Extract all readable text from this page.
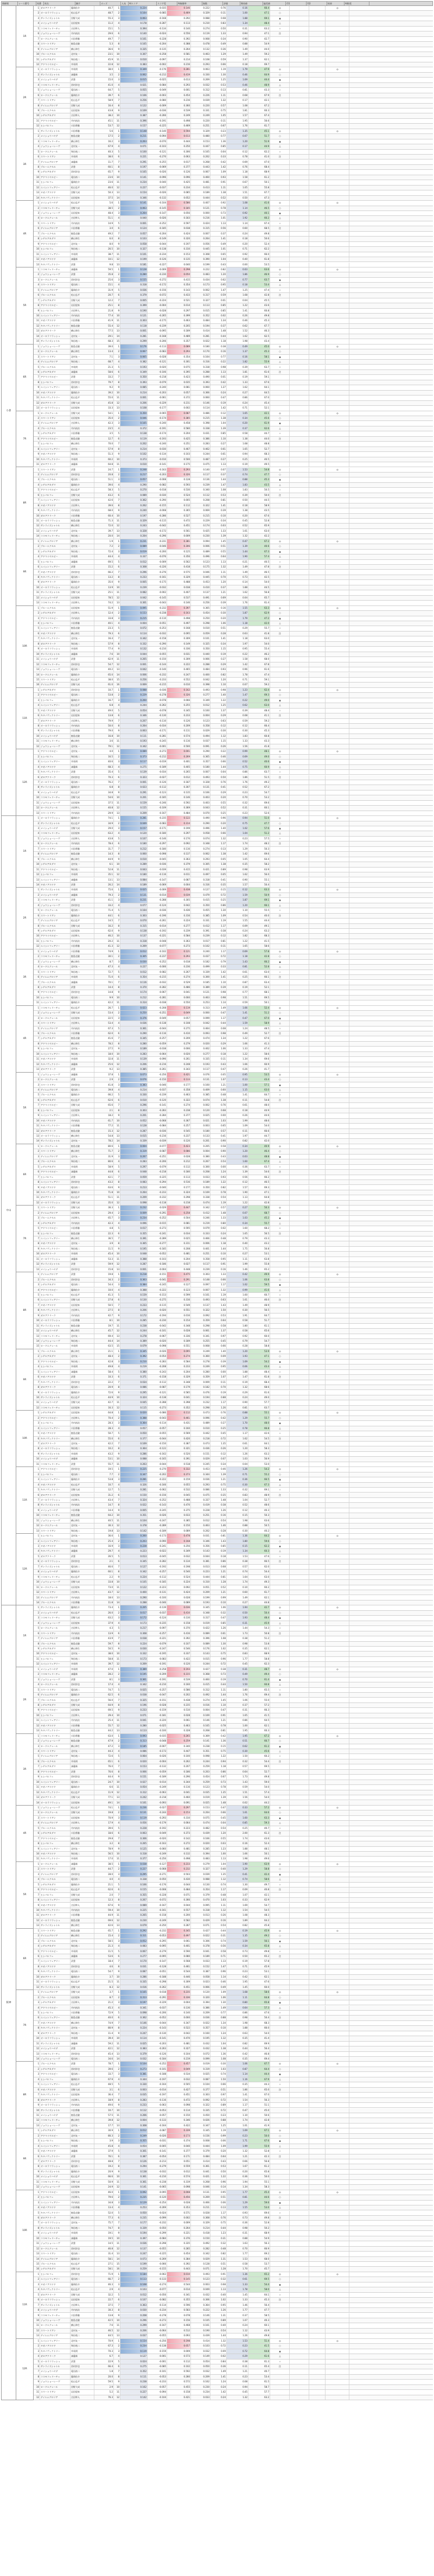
開催場	レース番号	馬番	馬名	騎手	オッズ	人気	AIスコア	スコア差	AI複勝率	指数	評価	期待値	偏差値	印1	印2	結果	AI推奨
1 ガロアクリーク	藤岡佑介	40.7	1	0.224	-0.035	0.146	0.222	0.76	0.16	66.4	◎	◎
2 オーロラフラッシュ	松山弘平	48.7	2	0.164	-0.085	0.469	0.329	0.11	1.00	47.1	○
3 サンライズシャトル	団野大成	55.3	3	0.063	-0.168	0.292	0.088	0.08	1.88	69.1	▲
4 メイショウハヤテ	岩田望来	11.2	4	0.178	-0.287	0.113	0.210	0.83	1.34	48.4	△
5 コスモフェリーチェ	吉田隼人	15.1	5	0.394	-0.134	0.140	0.274	0.50	0.31	63.2	☆
6 ジョウショーレーヴ	丹内祐次	29.6	6	0.140	-0.024	0.556	0.119	1.33	0.94	47.1	注
7 ロードエクレール	川田将雅	49.7	7	0.161	-0.228	0.392	0.068	0.34	0.90	42.7
8 スマートリアン	鮫島克駿	5.3	8	0.165	-0.204	0.388	0.478	0.49	0.88	54.9
9 テイエムグロリア	横山和生	36.6	9	0.335	-0.135	0.264	0.132	0.36	1.49	44.0
10 ブルーエクセル	北村友一	23.1	10	0.307	-0.258	0.581	0.463	1.29	1.49	59.2
11 シゲルアカダマ	和田竜二	45.9	11	0.010	-0.097	0.214	0.108	0.59	1.37	62.1
12 アドマイヤルビー	幸英明	22.8	12	0.383	-0.002	0.216	0.293	0.66	0.18	69.7
1R
1 オーロラフラッシュ	幸英明	38.0	1	0.349	-0.176	0.281	0.063	1.19	1.79	47.9	◎	◎
2 サンライズシャトル	斎藤新	3.5	2	0.062	-0.212	0.419	0.330	1.30	0.46	64.9	○
3 メイショウハヤテ	武豊	15.0	3	0.015	-0.025	0.013	0.269	1.25	1.69	44.4	▲
4 コスモフェリーチェ	西村淳也	41.0	4	0.021	-0.084	0.293	0.032	0.53	0.46	48.9	△
5 ジョウショーレーヴ	菱田裕二	64.7	5	0.055	-0.049	0.001	0.312	0.13	0.81	43.3	☆
6 ロードエクレール	藤岡佑介	39.7	6	0.166	-0.003	0.454	0.226	1.11	0.68	67.9	注
7 スマートリアン	松山弘平	58.9	7	0.256	-0.080	0.216	0.039	1.32	0.17	42.1
8 テイエムグロリア	団野大成	16.4	8	0.122	-0.009	0.360	0.220	0.57	1.08	67.2
9 ブルーエクセル	岩田望来	43.8	9	0.169	-0.036	0.539	0.331	0.75	1.81	60.3
10 シゲルアカダマ	吉田隼人	38.2	10	0.387	-0.266	0.249	0.249	1.05	1.57	67.4
11 アドマイヤルビー	丹内祐次	45.1	11	0.396	-0.191	0.498	0.220	0.11	1.95	56.6
12 ヒシパルフェ	川田将雅	53.7	12	0.157	-0.225	0.469	0.251	0.67	1.76	61.7
2R
1 サンライズシャトル	川田将雅	5.6	1	0.148	-0.140	0.594	0.329	0.23	1.35	45.1	◎	◎
2 メイショウハヤテ	鮫島克駿	17.5	2	0.211	-0.094	0.013	0.480	0.77	0.07	51.7	○
3 コスモフェリーチェ	横山和生	16.2	3	0.263	-0.070	0.444	0.153	1.36	1.20	51.9	▲
4 ジョウショーレーヴ	北村友一	67.9	4	0.071	-0.103	0.250	0.447	0.85	0.17	44.9	△
5 ロードエクレール	和田竜二	40.3	5	0.100	-0.121	0.306	0.165	0.04	0.12	62.2	☆
6 スマートリアン	幸英明	38.0	6	0.221	-0.270	0.063	0.202	0.33	0.78	41.0	注
7 テイエムグロリア	斎藤新	11.7	7	0.291	-0.255	0.017	0.268	0.42	0.69	47.0
8 ブルーエクセル	武豊	60.1	8	0.197	-0.069	0.377	0.443	1.42	0.76	68.4
9 シゲルアカダマ	西村淳也	65.7	9	0.165	-0.026	0.126	0.067	1.09	1.18	68.9
10 アドマイヤルビー	菱田裕二	23.6	10	0.141	-0.096	0.096	0.460	0.93	1.58	61.2
11 ヒシパルフェ	藤岡佑介	23.6	11	0.234	-0.040	0.425	0.481	0.91	0.67	50.1
12 エイシンフェアリー	松山弘平	46.0	12	0.227	-0.037	0.234	0.413	1.11	1.05	55.8
13 タガノアスワド	団野大成	50.3	13	0.154	-0.026	0.085	0.189	1.38	1.51	67.7
14 キタノヴィクトリー	岩田望来	37.5	14	0.346	-0.132	0.052	0.444	0.52	0.50	47.3
3R
1 メイショウハヤテ	松山弘平	5.6	1	0.141	-0.104	0.586	0.407	0.92	1.08	41.6	◎	◎
2 コスモフェリーチェ	団野大成	38.5	2	0.063	-0.145	0.185	0.121	0.78	1.14	46.5	○
3 ジョウショーレーヴ	岩田望来	48.4	3	0.264	-0.147	0.056	0.000	0.73	0.92	40.1	▲
4 ロードエクレール	吉田隼人	51.1	4	0.040	-0.026	0.183	0.216	1.01	1.92	66.2	△
5 スマートリアン	丹内祐次	14.9	5	0.001	-0.252	0.597	0.424	1.13	1.14	67.4	☆
6 テイエムグロリア	川田将雅	3.0	6	0.124	-0.185	0.038	0.315	0.56	0.60	68.5	注
7 ブルーエクセル	鮫島克駿	49.2	7	0.057	-0.204	0.424	0.007	0.37	0.24	49.8
8 シゲルアカダマ	横山和生	6.0	8	0.103	-0.149	0.320	0.264	1.41	0.18	50.6
9 アドマイヤルビー	北村友一	8.0	9	0.058	-0.044	0.197	0.056	0.49	0.20	52.4
10 ヒシパルフェ	和田竜二	26.5	10	0.327	-0.138	0.310	0.445	1.01	0.71	62.2
11 エイシンフェアリー	幸英明	38.7	11	0.101	-0.234	0.153	0.308	0.65	0.92	66.0
12 タガノアスワド	斎藤新	10.1	12	0.199	-0.126	0.135	0.390	1.04	0.40	61.8
13 キタノヴィクトリー	武豊	9.8	13	0.181	-0.227	0.040	0.199	0.43	0.00	53.5
4R
1 コスモフェリーチェ	斎藤新	59.5	1	0.128	-0.009	0.298	0.222	0.82	0.03	63.6	◎	◎
2 ジョウショーレーヴ	武豊	35.8	2	0.280	-0.230	0.050	0.483	1.20	1.86	46.9	○
3 ロードエクレール	西村淳也	25.6	3	0.155	-0.272	0.415	0.434	0.62	0.77	63.7	▲
4 スマートリアン	菱田裕二	15.1	4	0.318	-0.172	0.354	0.173	0.95	0.18	53.4	△
5 テイエムグロリア	藤岡佑介	31.9	5	0.036	-0.156	0.143	0.002	1.47	1.25	47.4	☆
6 ブルーエクセル	松山弘平	20.7	6	0.379	-0.072	0.433	0.317	0.59	1.68	42.8	注
7 シゲルアカダマ	団野大成	12.2	7	0.005	-0.224	0.521	0.327	0.01	0.04	45.5
8 アドマイヤルビー	岩田望来	25.1	8	0.399	-0.004	0.014	0.113	0.85	1.22	43.6
9 ヒシパルフェ	吉田隼人	21.8	9	0.190	-0.028	0.297	0.015	0.85	1.41	60.8
10 エイシンフェアリー	丹内祐次	77.4	10	0.121	-0.265	0.399	0.352	0.02	0.26	49.8
11 タガノアスワド	川田将雅	41.9	11	0.303	-0.175	0.463	0.484	1.34	0.46	45.3
12 キタノヴィクトリー	鮫島克駿	55.4	12	0.118	-0.239	0.205	0.194	0.37	0.62	67.7
13 ガロアクリーク	横山和生	77.5	13	0.001	-0.095	0.189	0.414	1.48	1.52	46.3
14 オーロラフラッシュ	北村友一	29.1	14	0.281	-0.168	0.489	0.281	0.44	1.62	62.5
15 サンライズシャトル	和田竜二	68.3	15	0.299	-0.206	0.357	0.022	1.18	1.98	43.4
5R
1 ジョウショーレーヴ	鮫島克駿	39.0	1	0.176	-0.113	0.089	0.180	0.38	0.49	45.0	◎	◎
2 ロードエクレール	横山和生	13.4	2	0.067	-0.083	0.293	0.170	0.16	1.37	45.3	○
3 スマートリアン	北村友一	7.1	3	0.065	-0.028	0.354	0.164	0.77	0.16	58.1	▲
4 テイエムグロリア	和田竜二	68.7	4	0.382	-0.121	0.301	0.316	0.22	1.82	55.9	△
5 ブルーエクセル	幸英明	21.3	5	0.193	-0.020	0.075	0.318	0.98	0.39	63.7	☆
6 シゲルアカダマ	斎藤新	58.6	6	0.349	-0.106	0.395	0.288	1.13	1.81	61.6	注
7 アドマイヤルビー	武豊	33.2	7	0.350	-0.218	0.423	0.490	0.01	0.19	59.1
8 ヒシパルフェ	西村淳也	79.7	8	0.393	-0.079	0.035	0.393	0.42	1.33	67.6
9 エイシンフェアリー	菱田裕二	9.2	9	0.085	-0.240	0.081	0.060	1.27	1.62	64.1
10 タガノアスワド	藤岡佑介	39.2	10	0.214	-0.203	0.057	0.366	0.24	0.27	64.5
11 キタノヴィクトリー	松山弘平	55.0	11	0.001	-0.061	0.372	0.060	0.47	0.86	67.0
12 ガロアクリーク	団野大成	45.8	12	0.206	-0.229	0.211	0.146	0.19	0.24	45.4
13 オーロラフラッシュ	岩田望来	33.3	13	0.108	-0.177	0.002	0.114	1.42	0.71	52.1
6R
1 ロードエクレール	団野大成	54.1	1	0.350	-0.065	0.087	0.486	0.12	1.65	42.1	◎	◎
2 スマートリアン	岩田望来	35.0	2	0.046	-0.174	0.385	0.215	1.38	0.34	45.6	○
3 テイエムグロリア	吉田隼人	42.3	3	0.165	-0.240	0.458	0.398	1.04	0.20	61.9	▲
4 ブルーエクセル	丹内祐次	23.5	4	0.372	-0.191	0.580	0.338	1.39	0.37	62.6	△
5 シゲルアカダマ	川田将雅	3.5	5	0.138	-0.174	0.204	0.431	0.85	0.58	44.7	☆
6 アドマイヤルビー	鮫島克駿	12.7	6	0.119	-0.193	0.425	0.386	1.10	1.38	44.0	注
7 ヒシパルフェ	横山和生	70.0	7	0.202	-0.240	0.251	0.283	0.27	1.68	48.8
8 エイシンフェアリー	北村友一	57.9	8	0.214	-0.030	0.467	0.462	0.61	1.65	52.7
9 タガノアスワド	和田竜二	51.3	9	0.102	-0.134	0.103	0.244	0.61	0.94	68.3
10 キタノヴィクトリー	幸英明	60.2	10	0.373	-0.010	0.500	0.487	0.27	0.25	40.5
11 ガロアクリーク	斎藤新	64.8	11	0.010	-0.141	0.175	0.475	1.13	0.19	49.5
7R
1 スマートリアン	武豊	24.7	1	0.248	-0.163	0.293	0.140	0.07	1.53	54.8	◎	◎
2 テイエムグロリア	西村淳也	20.8	2	0.217	-0.203	0.326	0.117	0.37	0.74	47.7	○
3 ブルーエクセル	菱田裕二	51.1	3	0.057	-0.008	0.128	0.136	1.44	0.88	45.3	▲
4 シゲルアカダマ	藤岡佑介	39.6	4	0.290	-0.082	0.593	0.239	1.47	1.83	43.5	△
5 アドマイヤルビー	松山弘平	58.3	5	0.270	-0.018	0.530	0.340	1.08	1.83	50.5	☆
6 ヒシパルフェ	団野大成	43.2	6	0.089	-0.030	0.524	0.112	0.53	0.39	50.0	注
7 エイシンフェアリー	岩田望来	42.6	7	0.362	-0.290	0.005	0.208	0.81	0.50	44.5
8 タガノアスワド	吉田隼人	39.6	8	0.262	-0.155	0.112	0.322	1.41	0.18	58.9
9 キタノヴィクトリー	丹内祐次	68.0	9	0.240	-0.008	0.365	0.069	0.39	1.38	43.5
10 ガロアクリーク	川田将雅	60.4	10	0.197	-0.286	0.527	0.215	0.10	0.20	67.6
11 オーロラフラッシュ	鮫島克駿	71.3	11	0.329	-0.115	0.472	0.229	0.34	0.45	52.8
12 サンライズシャトル	横山和生	72.0	12	0.243	-0.042	0.451	0.174	0.03	0.52	65.9
13 メイショウハヤテ	北村友一	39.7	13	0.328	-0.172	0.561	0.425	1.33	1.61	63.0
14 コスモフェリーチェ	和田竜二	20.0	14	0.204	-0.296	0.009	0.230	1.39	1.32	42.2
8R
1 テイエムグロリア	横山和生	1.9	1	0.231	-0.231	0.381	0.094	1.45	0.47	67.2	◎	◎
2 ブルーエクセル	北村友一	7.2	2	0.089	-0.046	0.306	0.006	0.51	1.39	40.6	○
3 シゲルアカダマ	和田竜二	72.4	3	0.019	-0.200	0.125	0.489	0.55	1.44	67.3	▲
4 アドマイヤルビー	幸英明	44.4	4	0.337	-0.076	0.356	0.496	0.64	1.90	57.4	△
5 ヒシパルフェ	斎藤新	69.5	5	0.012	-0.009	0.562	0.123	1.13	0.21	40.5	☆
6 エイシンフェアリー	武豊	15.2	6	0.308	-0.226	0.418	0.175	1.32	1.49	47.8	注
7 タガノアスワド	西村淳也	66.2	7	0.296	-0.276	0.575	0.046	1.11	1.49	46.5
8 キタノヴィクトリー	菱田裕二	13.2	8	0.233	-0.161	0.329	0.445	0.70	0.73	42.5
9 ガロアクリーク	藤岡佑介	35.0	9	0.005	-0.175	0.488	0.453	1.20	0.14	54.0
10 オーロラフラッシュ	松山弘平	13.9	10	0.239	-0.032	0.038	0.410	0.37	1.88	44.5
11 サンライズシャトル	団野大成	25.1	11	0.082	-0.002	0.407	0.137	1.21	1.62	56.8
12 メイショウハヤテ	岩田望来	78.5	12	0.042	-0.145	0.537	0.491	0.69	0.04	65.7
13 コスモフェリーチェ	吉田隼人	74.2	13	0.301	-0.043	0.146	0.256	0.39	1.76	61.4
9R
1 ブルーエクセル	岩田望来	51.9	1	0.095	-0.232	0.397	0.365	0.16	1.55	63.3	◎	◎
2 シゲルアカダマ	吉田隼人	12.4	2	0.153	-0.238	0.163	0.454	0.30	1.87	62.9	○
3 アドマイヤルビー	丹内祐次	33.8	3	0.215	-0.110	0.498	0.250	0.20	1.79	47.2	▲
4 ヒシパルフェ	川田将雅	40.1	4	0.004	-0.051	0.497	0.298	1.06	1.18	42.0	△
5 エイシンフェアリー	鮫島克駿	23.3	5	0.072	-0.253	0.168	0.010	0.51	0.29	55.7	☆
6 タガノアスワド	横山和生	79.3	6	0.114	-0.032	0.095	0.059	0.28	0.63	41.8	注
7 キタノヴィクトリー	北村友一	16.4	7	0.342	-0.158	0.309	0.101	1.41	1.18	63.0
8 ガロアクリーク	和田竜二	57.9	8	0.332	-0.290	0.149	0.325	0.34	1.97	54.0
9 オーロラフラッシュ	幸英明	77.4	9	0.132	-0.210	0.336	0.350	1.15	0.95	55.4
10 サンライズシャトル	斎藤新	7.6	10	0.044	-0.055	0.031	0.440	0.19	0.22	46.2
11 メイショウハヤテ	武豊	62.9	11	0.265	-0.150	0.309	0.066	0.27	1.58	68.0
12 コスモフェリーチェ	西村淳也	54.7	12	0.001	-0.144	0.222	0.288	0.29	1.42	67.8
13 ジョウショーレーヴ	菱田裕二	40.2	13	0.042	-0.140	0.465	0.484	0.93	0.96	61.6
14 ロードエクレール	藤岡佑介	65.0	14	0.006	-0.232	0.247	0.400	0.82	1.78	47.4
15 スマートリアン	松山弘平	38.0	15	0.256	-0.233	0.552	0.042	1.20	0.71	59.1
16 テイエムグロリア	団野大成	61.0	16	0.069	-0.215	0.010	0.398	1.10	0.07	59.2
10R
1 シゲルアカダマ	西村淳也	10.7	1	0.088	-0.036	0.162	0.493	0.98	1.23	62.4	◎	◎
2 アドマイヤルビー	菱田裕二	53.8	2	0.229	-0.278	0.326	0.277	1.40	1.47	69.3	○
3 ヒシパルフェ	藤岡佑介	16.7	3	0.260	-0.078	0.066	0.349	1.22	0.22	49.0	▲
4 エイシンフェアリー	松山弘平	6.8	4	0.244	-0.262	0.255	0.012	1.25	0.62	63.0	△
5 タガノアスワド	団野大成	49.0	5	0.054	-0.078	0.345	0.160	1.37	0.39	48.4	☆
6 キタノヴィクトリー	岩田望来	13.8	6	0.346	-0.130	0.233	0.004	0.29	0.08	41.1	注
7 ガロアクリーク	吉田隼人	79.9	7	0.207	-0.110	0.126	0.123	0.63	0.59	59.2
8 オーロラフラッシュ	丹内祐次	50.0	8	0.264	-0.034	0.209	0.358	0.12	0.12	66.4
9 サンライズシャトル	川田将雅	79.0	9	0.063	-0.171	0.111	0.029	0.30	0.30	45.3
10 メイショウハヤテ	鮫島克駿	16.8	10	0.111	-0.281	0.574	0.494	1.12	1.83	60.8
11 コスモフェリーチェ	横山和生	3.6	11	0.193	-0.245	0.116	0.037	1.15	1.33	43.3
12 ジョウショーレーヴ	北村友一	79.1	12	0.342	-0.001	0.500	0.091	0.26	1.56	41.8
11R
1 アドマイヤルビー	北村友一	4.0	1	0.089	-0.273	0.001	0.290	0.22	0.99	48.1	◎	◎
2 ヒシパルフェ	和田竜二	16.5	2	0.373	-0.212	0.269	0.365	0.46	0.69	49.0	○
3 エイシンフェアリー	幸英明	40.6	3	0.117	-0.019	0.401	0.357	0.66	0.52	40.6	▲
4 タガノアスワド	斎藤新	68.3	4	0.275	-0.189	0.405	0.180	1.44	0.75	60.9	△
5 キタノヴィクトリー	武豊	35.4	5	0.139	-0.034	0.265	0.007	0.04	0.86	63.7	☆
6 ガロアクリーク	西村淳也	70.3	6	0.323	-0.027	0.012	0.493	0.50	1.86	51.5	注
7 オーロラフラッシュ	菱田裕二	76.2	7	0.001	-0.126	0.187	0.328	0.76	1.76	49.2
8 サンライズシャトル	藤岡佑介	6.8	8	0.023	-0.112	0.307	0.131	0.41	0.52	67.2
9 メイショウハヤテ	松山弘平	34.8	9	0.291	-0.123	0.135	0.166	0.29	0.23	54.7
10 コスモフェリーチェ	団野大成	54.6	10	0.201	-0.185	0.146	0.403	0.20	0.70	53.2
11 ジョウショーレーヴ	岩田望来	37.5	11	0.159	-0.246	0.592	0.403	0.55	0.32	69.6
12 ロードエクレール	吉田隼人	40.8	12	0.155	-0.109	0.369	0.043	0.52	0.31	60.1
13 スマートリアン	丹内祐次	29.9	13	0.209	-0.167	0.484	0.070	0.25	0.23	52.6
12R
小倉
1 オーロラフラッシュ	藤岡佑介	74.1	1	0.281	-0.235	0.122	0.490	0.96	0.94	51.0	◎	◎
2 サンライズシャトル	松山弘平	34.9	2	0.049	-0.083	0.314	0.290	0.20	0.75	47.7	○
3 メイショウハヤテ	団野大成	29.0	3	0.157	-0.171	0.199	0.496	1.40	1.02	57.6	▲
4 コスモフェリーチェ	岩田望来	63.2	4	0.120	-0.180	0.297	0.058	0.66	1.04	51.2	△
5 ジョウショーレーヴ	吉田隼人	43.8	5	0.107	-0.146	0.170	0.074	1.32	0.23	57.5	☆
6 ロードエクレール	丹内祐次	78.4	6	0.180	-0.297	0.092	0.348	1.17	1.74	48.2	注
7 スマートリアン	川田将雅	31.7	7	0.212	-0.180	0.116	0.274	0.13	1.29	50.3
8 テイエムグロリア	鮫島克駿	14.3	8	0.060	-0.098	0.137	0.062	1.38	1.42	69.6
9 ブルーエクセル	横山和生	44.9	9	0.010	-0.045	0.363	0.293	0.05	1.05	64.4
10 シゲルアカダマ	北村友一	6.1	10	0.289	-0.036	0.379	0.305	1.38	0.35	58.2
11 アドマイヤルビー	和田竜二	52.8	11	0.043	-0.039	0.415	0.421	0.89	0.98	63.9
12 ヒシパルフェ	幸英明	35.1	12	0.180	-0.116	0.011	0.497	0.05	1.62	56.0
13 エイシンフェアリー	斎藤新	13.1	13	0.084	-0.147	0.087	0.318	0.41	0.90	55.1
14 タガノアスワド	武豊	26.2	14	0.189	-0.069	0.004	0.316	0.35	1.57	50.4
1R
1 サンライズシャトル	幸英明	75.6	1	0.025	-0.009	0.438	0.127	0.15	0.12	63.3	◎	◎
2 メイショウハヤテ	斎藤新	79.3	2	0.131	-0.014	0.039	0.479	0.72	1.59	50.9	○
3 コスモフェリーチェ	武豊	41.1	3	0.231	-0.288	0.305	0.415	0.25	1.87	69.1	▲
4 ジョウショーレーヴ	西村淳也	33.2	4	0.077	-0.124	0.042	0.350	0.86	1.20	66.1	△
5 ロードエクレール	菱田裕二	71.4	5	0.164	-0.036	0.436	0.455	1.30	1.10	55.5	☆
6 スマートリアン	藤岡佑介	44.1	6	0.303	-0.196	0.316	0.385	1.09	0.54	40.0	注
7 テイエムグロリア	松山弘平	14.5	7	0.070	-0.261	0.224	0.331	1.19	1.55	44.4
8 ブルーエクセル	団野大成	16.2	8	0.315	-0.014	0.277	0.412	1.17	0.09	49.1
9 シゲルアカダマ	岩田望来	62.0	9	0.138	-0.192	0.239	0.391	0.38	0.24	63.2
10 アドマイヤルビー	吉田隼人	46.2	10	0.137	-0.221	0.584	0.239	0.12	1.82	68.3
11 ヒシパルフェ	丹内祐次	20.2	11	0.318	-0.048	0.363	0.017	0.81	1.22	41.5
12 エイシンフェアリー	川田将雅	41.3	12	0.269	-0.077	0.273	0.102	0.11	1.65	58.6
2R
1 メイショウハヤテ	川田将雅	74.9	1	0.012	-0.102	0.121	0.240	1.17	0.69	57.8	◎	◎
2 コスモフェリーチェ	鮫島克駿	30.1	2	0.305	-0.237	0.293	0.437	0.72	1.18	42.8	○
3 ジョウショーレーヴ	横山和生	8.7	3	0.030	-0.252	0.018	0.182	0.79	1.43	66.2	▲
4 ロードエクレール	北村友一	47.3	4	0.227	-0.006	0.236	0.499	0.33	0.81	52.8	△
5 スマートリアン	和田竜二	72.7	5	0.012	-0.082	0.267	0.339	1.42	0.61	63.0	☆
6 テイエムグロリア	幸英明	71.0	6	0.354	-0.215	0.274	0.300	1.41	0.25	66.1	注
7 ブルーエクセル	斎藤新	70.1	7	0.116	-0.032	0.529	0.185	1.10	0.87	63.4
8 シゲルアカダマ	武豊	14.4	8	0.370	-0.282	0.486	0.389	0.39	0.19	52.1
9 アドマイヤルビー	西村淳也	14.8	9	0.174	-0.067	0.041	0.121	0.98	0.77	68.1
10 ヒシパルフェ	菱田裕二	9.9	10	0.212	-0.281	0.000	0.463	0.98	1.51	69.5
11 エイシンフェアリー	藤岡佑介	42.2	11	0.314	-0.038	0.550	0.253	1.14	0.59	50.1
3R
1 コスモフェリーチェ	松山弘平	26.7	1	0.023	-0.208	0.119	0.313	1.49	1.66	52.4	◎	◎
2 ジョウショーレーヴ	団野大成	53.4	2	0.250	-0.251	0.049	0.000	0.47	1.41	51.2	○
3 ロードエクレール	岩田望来	22.5	3	0.376	-0.049	0.057	0.099	1.17	0.47	67.0	▲
4 スマートリアン	吉田隼人	53.4	4	0.036	-0.138	0.108	0.042	0.44	1.59	58.9	△
5 テイエムグロリア	丹内祐次	67.3	5	0.361	-0.044	0.275	0.464	0.08	1.24	48.5	☆
6 ブルーエクセル	川田将雅	62.0	6	0.290	-0.116	0.410	0.093	0.98	0.49	52.7	注
7 シゲルアカダマ	鮫島克駿	41.6	7	0.345	-0.257	0.209	0.474	1.34	1.22	67.6
8 アドマイヤルビー	横山和生	78.2	8	0.280	-0.059	0.279	0.020	0.29	1.66	41.3
9 ヒシパルフェ	北村友一	27.5	9	0.189	-0.038	0.006	0.402	1.06	1.33	47.4
10 エイシンフェアリー	和田竜二	18.0	10	0.283	-0.064	0.020	0.277	0.18	1.22	58.6
11 タガノアスワド	幸英明	32.8	11	0.139	-0.096	0.261	0.335	0.11	1.34	69.6
12 キタノヴィクトリー	斎藤新	25.6	12	0.206	-0.216	0.248	0.193	0.43	1.66	60.9
13 ガロアクリーク	武豊	9.2	13	0.385	-0.261	0.343	0.117	0.47	0.26	41.7
4R
1 ジョウショーレーヴ	斎藤新	37.8	1	0.073	-0.256	0.421	0.076	0.05	0.95	53.5	◎	◎
2 ロードエクレール	武豊	2.9	2	0.076	-0.150	0.133	0.131	1.07	0.13	43.4	○
3 スマートリアン	西村淳也	41.8	3	0.383	-0.046	0.177	0.160	1.21	1.00	57.1	▲
4 テイエムグロリア	菱田裕二	39.8	4	0.214	-0.037	0.358	0.409	0.60	1.15	63.0	△
5 ブルーエクセル	藤岡佑介	66.2	5	0.330	-0.239	0.463	0.385	0.48	1.41	64.7	☆
6 シゲルアカダマ	松山弘平	62.6	6	0.010	-0.120	0.322	0.074	1.38	0.11	54.8	注
7 アドマイヤルビー	団野大成	65.6	7	0.296	-0.141	0.274	0.002	0.76	0.61	48.0
8 ヒシパルフェ	岩田望来	2.1	8	0.303	-0.283	0.238	0.120	0.68	0.18	44.9
9 エイシンフェアリー	吉田隼人	18.2	9	0.201	-0.284	0.377	0.025	0.00	0.26	44.6
10 タガノアスワド	丹内祐次	61.7	10	0.052	-0.068	0.367	0.021	1.03	1.99	48.6
11 キタノヴィクトリー	川田将雅	77.2	11	0.128	-0.084	0.257	0.003	0.65	1.09	54.0
12 ガロアクリーク	鮫島克駿	15.3	12	0.287	-0.036	0.545	0.180	0.57	0.11	66.6
13 オーロラフラッシュ	横山和生	54.8	13	0.015	-0.216	0.237	0.133	0.41	1.97	44.7
14 サンライズシャトル	北村友一	78.2	14	0.339	-0.039	0.120	0.201	0.90	0.82	42.0
5R
1 ロードエクレール	鮫島克駿	80.6	1	0.004	-0.077	0.423	0.205	0.58	0.34	40.9	◎	◎
2 スマートリアン	横山和生	71.7	2	0.319	-0.087	0.086	0.004	0.90	1.20	46.4	○
3 テイエムグロリア	北村友一	31.9	3	0.267	-0.251	0.028	0.380	0.43	0.03	48.8	▲
4 ブルーエクセル	和田竜二	80.6	4	0.283	-0.206	0.212	0.267	0.54	1.60	67.4	△
5 シゲルアカダマ	幸英明	58.9	5	0.297	-0.079	0.112	0.300	0.00	0.36	63.7	☆
6 アドマイヤルビー	斎藤新	44.8	6	0.048	-0.218	0.180	0.208	1.24	1.39	54.6	注
7 ヒシパルフェ	武豊	42.1	7	0.059	-0.225	0.113	0.033	0.93	0.56	66.2
8 エイシンフェアリー	西村淳也	43.2	8	0.083	-0.294	0.516	0.189	1.22	0.12	46.5
9 タガノアスワド	菱田裕二	63.6	9	0.213	-0.040	0.177	0.350	0.82	1.57	69.3
10 キタノヴィクトリー	藤岡佑介	71.8	10	0.264	-0.233	0.324	0.169	0.78	1.90	47.1
11 ガロアクリーク	松山弘平	51.1	11	0.209	-0.232	0.298	0.338	0.54	1.13	64.8
12 オーロラフラッシュ	団野大成	35.0	12	0.098	-0.118	0.218	0.474	1.19	1.22	42.8
6R
1 スマートリアン	団野大成	36.3	1	0.232	-0.029	0.447	0.342	0.57	0.27	50.3	◎	◎
2 テイエムグロリア	岩田望来	29.4	2	0.009	-0.291	0.258	0.412	1.48	0.07	68.7	○
3 ブルーエクセル	吉田隼人	65.7	3	0.234	-0.252	0.504	0.246	1.33	1.03	45.2	▲
4 シゲルアカダマ	丹内祐次	42.3	4	0.096	-0.015	0.081	0.219	0.80	0.34	55.7	△
5 アドマイヤルビー	川田将雅	4.8	5	0.017	-0.273	0.595	0.079	0.02	1.60	68.2	☆
6 ヒシパルフェ	鮫島克駿	22.3	6	0.355	-0.241	0.034	0.333	0.24	1.65	56.5	注
7 エイシンフェアリー	横山和生	36.5	7	0.391	-0.289	0.025	0.466	0.48	0.79	43.3
8 タガノアスワド	北村友一	3.9	8	0.365	-0.277	0.311	0.006	1.18	0.40	43.2
9 キタノヴィクトリー	和田竜二	11.5	9	0.195	-0.185	0.208	0.401	1.44	1.75	56.8
10 ガロアクリーク	幸英明	45.4	10	0.048	-0.052	0.481	0.251	0.10	0.27	53.1
11 オーロラフラッシュ	斎藤新	53.3	11	0.388	-0.103	0.204	0.358	0.95	1.11	63.8
12 サンライズシャトル	武豊	59.9	12	0.287	-0.186	0.027	0.117	0.91	1.99	55.8
13 メイショウハヤテ	西村淳也	15.8	13	0.001	-0.004	0.448	0.239	0.16	1.46	65.2
7R
1 テイエムグロリア	武豊	19.8	1	0.218	-0.151	0.475	0.303	1.33	0.42	49.9	◎	◎
2 ブルーエクセル	西村淳也	34.3	2	0.363	-0.041	0.291	0.148	0.66	1.06	63.8	○
3 シゲルアカダマ	菱田裕二	54.4	3	0.384	-0.245	0.127	0.097	1.17	1.02	59.5	▲
4 アドマイヤルビー	藤岡佑介	10.0	4	0.388	-0.222	0.123	0.007	1.32	0.99	41.6	△
5 ヒシパルフェ	松山弘平	41.3	5	0.159	-0.153	0.599	0.161	1.19	1.60	60.7	☆
6 エイシンフェアリー	団野大成	27.8	6	0.130	-0.275	0.316	0.493	0.63	1.61	46.0	注
7 タガノアスワド	岩田望来	50.5	7	0.233	-0.115	0.549	0.137	1.43	1.49	48.9
8 キタノヴィクトリー	吉田隼人	27.5	8	0.206	-0.020	0.551	0.322	1.50	0.30	56.5
9 ガロアクリーク	丹内祐次	42.7	9	0.172	-0.194	0.016	0.092	0.53	1.91	64.7
10 オーロラフラッシュ	川田将雅	8.1	10	0.285	-0.230	0.154	0.359	0.64	0.58	51.7
11 サンライズシャトル	鮫島克駿	19.7	11	0.238	-0.042	0.348	0.298	0.58	1.80	61.1
12 メイショウハヤテ	横山和生	45.7	12	0.244	-0.101	0.028	0.061	1.37	0.58	65.6
13 コスモフェリーチェ	北村友一	69.4	13	0.278	-0.067	0.336	0.341	0.97	0.92	60.0
14 ジョウショーレーヴ	和田竜二	44.4	14	0.389	-0.020	0.189	0.255	0.45	0.79	54.7
15 ロードエクレール	幸英明	63.5	15	0.079	-0.098	0.551	0.068	0.66	0.28	58.8
8R
1 ブルーエクセル	横山和生	21.1	1	0.345	-0.026	0.095	0.249	1.40	1.20	53.9	◎	◎
2 シゲルアカダマ	北村友一	48.4	2	0.392	-0.054	0.274	0.360	0.09	1.93	47.1	○
3 アドマイヤルビー	和田竜二	42.8	3	0.210	-0.283	0.584	0.278	0.39	1.69	54.2	▲
4 ヒシパルフェ	幸英明	49.8	4	0.219	-0.208	0.233	0.249	0.95	0.06	43.4	△
5 エイシンフェアリー	斎藤新	58.4	5	0.380	-0.243	0.204	0.280	0.00	1.88	48.4	☆
6 タガノアスワド	武豊	10.3	6	0.371	-0.158	0.329	0.359	1.07	1.47	61.8	注
7 キタノヴィクトリー	西村淳也	22.2	7	0.034	-0.112	0.348	0.009	0.11	0.19	68.4
8 ガロアクリーク	菱田裕二	20.9	8	0.086	-0.087	0.179	0.182	0.70	1.32	68.6
9 オーロラフラッシュ	藤岡佑介	72.6	9	0.295	-0.121	0.585	0.476	0.19	0.29	61.6
10 サンライズシャトル	松山弘平	44.9	10	0.324	-0.138	0.041	0.194	0.88	0.24	49.0
11 メイショウハヤテ	団野大成	42.7	11	0.045	-0.288	0.398	0.232	1.17	0.90	57.7
12 コスモフェリーチェ	岩田望来	16.3	12	0.115	-0.273	0.352	0.298	1.26	0.81	63.7
9R
1 シゲルアカダマ	岩田望来	64.8	1	0.020	-0.086	0.112	0.473	0.76	0.88	55.1	◎	◎
2 アドマイヤルビー	吉田隼人	70.4	2	0.388	-0.043	0.461	0.096	0.42	1.29	55.7	○
3 ヒシパルフェ	丹内祐次	28.3	3	0.364	-0.114	0.431	0.489	0.27	1.70	48.0	▲
4 エイシンフェアリー	川田将雅	28.3	4	0.057	-0.057	0.160	0.010	0.25	0.78	66.8	△
5 タガノアスワド	鮫島克駿	50.7	5	0.050	-0.055	0.569	0.442	0.45	1.17	42.6	☆
6 キタノヴィクトリー	横山和生	55.0	6	0.377	-0.044	0.420	0.218	0.72	1.62	54.5	注
7 ガロアクリーク	北村友一	42.2	7	0.169	-0.150	0.387	0.473	1.35	0.61	64.1
8 オーロラフラッシュ	和田竜二	10.2	8	0.364	-0.122	0.321	0.436	0.26	1.20	58.3
9 サンライズシャトル	幸英明	43.2	9	0.286	-0.162	0.520	0.151	0.12	1.26	63.2
10 メイショウハヤテ	斎藤新	53.1	10	0.088	-0.165	0.391	0.029	0.07	1.03	56.9
11 コスモフェリーチェ	武豊	55.7	11	0.263	-0.044	0.518	0.245	0.34	0.04	53.0
10R
1 アドマイヤルビー	西村淳也	19.5	1	0.225	-0.270	0.332	0.453	0.46	1.26	54.2	◎	◎
2 ヒシパルフェ	菱田裕二	7.7	2	0.347	-0.202	0.373	0.344	1.39	0.71	55.2	○
3 エイシンフェアリー	藤岡佑介	53.8	3	0.281	-0.222	0.159	0.036	1.21	0.36	66.5	▲
4 タガノアスワド	松山弘平	10.7	4	0.326	-0.166	0.055	0.293	0.75	0.30	67.3	△
5 キタノヴィクトリー	団野大成	12.7	5	0.281	-0.062	0.532	0.086	1.33	0.32	69.1	☆
6 ガロアクリーク	岩田望来	31.2	6	0.150	-0.156	0.045	0.475	0.35	0.83	48.9	注
7 オーロラフラッシュ	吉田隼人	43.4	7	0.324	-0.252	0.488	0.337	1.48	1.04	52.7
8 サンライズシャトル	丹内祐次	14.7	8	0.022	-0.143	0.470	0.419	0.38	0.52	48.6
9 メイショウハヤテ	川田将雅	14.4	9	0.005	-0.245	0.375	0.228	1.26	0.12	40.3
10 コスモフェリーチェ	鮫島克駿	64.2	10	0.351	-0.026	0.033	0.251	0.16	0.15	50.3
11 ジョウショーレーヴ	横山和生	40.5	11	0.104	-0.247	0.385	0.012	0.54	1.98	63.6
12 ロードエクレール	北村友一	30.3	12	0.378	-0.289	0.150	0.463	1.46	0.88	50.5
13 スマートリアン	和田竜二	19.8	13	0.142	-0.189	0.089	0.202	0.28	0.30	40.2
11R
1 ヒシパルフェ	北村友一	36.6	1	0.260	-0.173	0.478	0.031	0.81	1.36	64.2	◎	◎
2 エイシンフェアリー	和田竜二	25.4	2	0.203	-0.090	0.168	0.346	1.43	1.80	59.6	○
3 タガノアスワド	幸英明	16.9	3	0.228	-0.241	0.256	0.356	0.85	0.15	62.2	▲
4 キタノヴィクトリー	斎藤新	29.7	4	0.223	-0.022	0.349	0.143	0.19	1.34	60.3	△
5 ガロアクリーク	武豊	26.5	5	0.013	-0.045	0.032	0.044	0.18	1.53	47.6	☆
6 オーロラフラッシュ	西村淳也	2.1	6	0.345	-0.282	0.134	0.381	0.86	0.38	66.5	注
7 サンライズシャトル	菱田裕二	46.6	7	0.127	-0.192	0.198	0.013	0.68	0.57	62.0
8 メイショウハヤテ	藤岡佑介	60.1	8	0.342	-0.257	0.540	0.223	1.21	0.74	54.4
9 コスモフェリーチェ	松山弘平	2.2	9	0.224	-0.112	0.524	0.444	0.81	1.64	63.0
10 ジョウショーレーヴ	団野大成	33.8	10	0.105	-0.185	0.224	0.310	1.28	1.74	49.3
11 ロードエクレール	岩田望来	73.0	11	0.122	-0.223	0.092	0.051	0.52	0.10	60.2
12 スマートリアン	吉田隼人	43.7	12	0.400	-0.131	0.424	0.209	1.21	0.60	61.7
13 テイエムグロリア	丹内祐次	18.0	13	0.290	-0.100	0.028	0.199	0.99	1.49	62.1
14 ブルーエクセル	川田将雅	11.8	14	0.288	-0.046	0.089	0.193	0.10	0.27	44.8
12R
中山
1 サンライズシャトル	藤岡佑介	73.4	1	0.205	-0.139	0.036	0.345	1.06	1.94	42.7	◎	◎
2 メイショウハヤテ	松山弘平	26.0	2	0.017	-0.037	0.410	0.348	0.32	0.50	50.4	○
3 コスモフェリーチェ	団野大成	63.2	3	0.172	-0.124	0.130	0.317	0.47	1.93	48.4	▲
4 ジョウショーレーヴ	岩田望来	37.9	4	0.173	-0.235	0.158	0.019	0.85	0.31	45.9	△
5 ロードエクレール	吉田隼人	4.3	5	0.217	-0.097	0.370	0.422	1.26	1.44	54.3	☆
6 スマートリアン	丹内祐次	13.9	6	0.308	-0.257	0.416	0.089	0.61	1.73	50.8	注
7 テイエムグロリア	川田将雅	43.9	7	0.038	-0.221	0.392	0.396	1.08	0.38	51.2
8 ブルーエクセル	鮫島克駿	59.7	8	0.224	-0.079	0.107	0.089	1.30	0.98	53.8
9 シゲルアカダマ	横山和生	50.5	9	0.030	-0.247	0.546	0.176	1.02	0.35	62.1
10 アドマイヤルビー	北村友一	38.0	10	0.332	-0.195	0.337	0.143	0.75	0.83	68.9
11 ヒシパルフェ	和田竜二	58.8	11	0.173	-0.083	0.422	0.015	0.96	1.77	58.8
12 エイシンフェアリー	幸英明	39.7	12	0.269	-0.191	0.120	0.244	0.72	0.45	62.3
1R
1 メイショウハヤテ	幸英明	47.0	1	0.389	-0.258	0.193	0.427	0.38	0.31	48.7	◎	◎
2 コスモフェリーチェ	斎藤新	28.2	2	0.195	-0.209	0.315	0.368	0.73	0.49	49.4	○
3 ジョウショーレーヴ	武豊	8.1	3	0.361	-0.191	0.539	0.460	0.19	0.70	61.4	▲
4 ロードエクレール	西村淳也	17.4	4	0.342	-0.210	0.160	0.415	0.44	1.50	60.8	△
5 スマートリアン	菱田裕二	74.7	5	0.025	-0.257	0.586	0.312	1.11	1.80	65.5	☆
6 テイエムグロリア	藤岡佑介	62.5	6	0.038	-0.047	0.202	0.492	1.44	1.76	69.4	注
7 ブルーエクセル	松山弘平	56.0	7	0.325	-0.151	0.438	0.274	1.45	1.06	55.0
8 シゲルアカダマ	団野大成	64.9	8	0.196	-0.028	0.235	0.016	1.10	0.37	57.2
9 アドマイヤルビー	岩田望来	69.5	9	0.233	-0.159	0.510	0.004	0.47	0.31	66.3
10 ヒシパルフェ	吉田隼人	29.4	10	0.071	-0.181	0.028	0.169	0.91	1.65	41.5
11 エイシンフェアリー	丹内祐次	25.4	11	0.041	-0.220	0.061	0.146	1.21	0.86	64.5
12 タガノアスワド	川田将雅	55.7	12	0.280	-0.025	0.463	0.165	0.78	1.00	62.1
13 キタノヴィクトリー	鮫島克駿	44.2	13	0.113	-0.100	0.328	0.268	0.81	1.95	60.3
2R
1 コスモフェリーチェ	川田将雅	63.0	1	0.093	-0.035	0.265	0.369	0.42	1.95	67.2	◎	◎
2 ジョウショーレーヴ	鮫島克駿	47.9	2	0.313	-0.048	0.259	0.141	1.36	0.51	66.7	○
3 ロードエクレール	横山和生	47.2	3	0.185	-0.007	0.340	0.238	0.15	0.62	61.2	▲
4 スマートリアン	北村友一	44.3	4	0.086	-0.173	0.447	0.351	0.75	0.30	45.6	△
5 テイエムグロリア	和田竜二	72.6	5	0.064	-0.026	0.100	0.098	1.22	1.50	60.2	☆
6 ブルーエクセル	幸英明	65.1	6	0.020	-0.004	0.262	0.244	0.94	0.32	54.4	注
7 シゲルアカダマ	斎藤新	76.0	7	0.153	-0.132	0.207	0.259	1.18	0.57	69.5
8 アドマイヤルビー	武豊	76.6	8	0.066	-0.059	0.186	0.203	0.86	0.64	52.7
9 ヒシパルフェ	西村淳也	44.4	9	0.151	-0.189	0.296	0.454	0.67	1.73	49.8
10 エイシンフェアリー	菱田裕二	24.7	10	0.027	-0.014	0.344	0.259	0.73	1.43	59.0
11 タガノアスワド	藤岡佑介	6.6	11	0.054	-0.249	0.116	0.123	0.78	0.59	54.0
12 キタノヴィクトリー	松山弘平	11.9	12	0.312	-0.063	0.041	0.035	1.35	1.51	57.4
13 ガロアクリーク	団野大成	77.1	13	0.242	-0.218	0.460	0.019	1.39	1.56	54.0
14 オーロラフラッシュ	岩田望来	49.1	14	0.161	-0.093	0.091	0.025	1.48	0.02	44.2
3R
1 ジョウショーレーヴ	松山弘平	74.1	1	0.236	-0.027	0.297	0.153	0.47	0.33	57.2	◎	◎
2 ロードエクレール	団野大成	19.8	2	0.131	-0.244	0.153	0.204	0.66	1.61	64.6	○
3 スマートリアン	岩田望来	70.9	3	0.119	-0.293	0.310	0.075	0.45	1.60	63.3	▲
4 テイエムグロリア	吉田隼人	17.9	4	0.056	-0.179	0.064	0.474	0.04	0.85	59.3	△
5 ブルーエクセル	丹内祐次	39.6	5	0.228	-0.192	0.223	0.482	0.54	0.25	40.7	☆
6 シゲルアカダマ	川田将雅	18.6	6	0.063	-0.049	0.373	0.439	1.20	2.00	61.3	注
7 アドマイヤルビー	鮫島克駿	29.8	7	0.306	-0.020	0.142	0.166	0.55	1.74	43.6
8 ヒシパルフェ	横山和生	3.2	8	0.265	-0.163	0.272	0.020	0.03	0.16	52.4
9 エイシンフェアリー	北村友一	78.9	9	0.125	-0.060	0.481	0.285	1.23	1.88	48.1
10 タガノアスワド	和田竜二	56.5	10	0.318	-0.249	0.132	0.394	1.00	1.66	50.1
11 キタノヴィクトリー	幸英明	17.0	11	0.377	-0.256	0.498	0.483	1.13	1.98	49.6
4R
1 ロードエクレール	斎藤新	38.5	1	0.038	-0.127	0.233	0.279	1.04	1.90	63.9	◎	◎
2 スマートリアン	武豊	44.7	2	0.227	-0.068	0.232	0.327	0.40	1.29	58.8	○
3 テイエムグロリア	西村淳也	28.0	3	0.295	-0.271	0.503	0.039	1.35	0.41	42.4	▲
4 ブルーエクセル	菱田裕二	4.0	4	0.338	-0.050	0.430	0.088	1.12	0.74	58.6	△
5 シゲルアカダマ	藤岡佑介	21.1	5	0.166	-0.176	0.044	0.130	0.74	1.30	49.7	☆
6 アドマイヤルビー	松山弘平	62.6	6	0.155	-0.008	0.484	0.354	1.17	0.09	40.8	注
7 ヒシパルフェ	団野大成	2.0	7	0.355	-0.228	0.071	0.379	0.48	1.07	42.1
8 エイシンフェアリー	岩田望来	12.3	8	0.267	-0.072	0.366	0.470	1.03	0.33	62.9
9 タガノアスワド	吉田隼人	67.6	9	0.089	-0.167	0.044	0.095	1.11	1.69	54.7
10 キタノヴィクトリー	丹内祐次	59.4	10	0.225	-0.161	0.557	0.318	1.12	1.54	54.5
11 ガロアクリーク	川田将雅	44.9	11	0.265	-0.158	0.200	0.013	0.26	1.08	48.3
12 オーロラフラッシュ	鮫島克駿	69.6	12	0.230	-0.249	0.582	0.429	0.16	1.89	64.2
13 サンライズシャトル	横山和生	42.6	13	0.079	-0.250	0.287	0.071	0.54	0.82	45.8
5R
1 スマートリアン	鮫島克駿	65.7	1	0.292	-0.232	0.345	0.427	0.44	0.19	45.9	◎	◎
2 テイエムグロリア	横山和生	15.4	2	0.311	-0.053	0.497	0.022	0.31	1.35	49.2	○
3 ブルーエクセル	北村友一	58.5	3	0.052	-0.295	0.061	0.306	0.74	1.59	56.1	▲
4 シゲルアカダマ	和田竜二	21.3	4	0.083	-0.095	0.401	0.378	0.56	0.34	65.8	△
5 アドマイヤルビー	幸英明	11.5	5	0.067	-0.279	0.590	0.041	0.58	0.73	49.8	☆
6 ヒシパルフェ	斎藤新	53.6	6	0.277	-0.095	0.080	0.189	0.71	0.50	65.2	注
7 エイシンフェアリー	武豊	18.4	7	0.170	-0.147	0.568	0.033	1.13	0.19	57.8
8 タガノアスワド	西村淳也	4.6	8	0.031	-0.128	0.461	0.152	1.47	0.71	45.9
9 キタノヴィクトリー	菱田裕二	54.7	9	0.087	-0.051	0.544	0.387	0.96	0.23	53.1
10 ガロアクリーク	藤岡佑介	3.7	10	0.286	-0.188	0.446	0.058	1.14	0.42	62.1
11 オーロラフラッシュ	松山弘平	21.5	11	0.335	-0.298	0.309	0.023	0.46	1.95	47.6
12 サンライズシャトル	団野大成	8.3	12	0.016	-0.262	0.451	0.066	0.49	1.45	60.0
6R
1 テイエムグロリア	団野大成	3.7	1	0.165	-0.018	0.235	0.120	1.09	1.68	58.6	◎	◎
2 ブルーエクセル	岩田望来	8.7	2	0.313	-0.291	0.336	0.320	1.06	1.11	64.8	○
3 シゲルアカダマ	吉田隼人	21.2	3	0.197	-0.229	0.004	0.394	1.30	0.80	65.8	▲
4 アドマイヤルビー	丹内祐次	45.3	4	0.341	-0.037	0.136	0.386	1.49	0.64	57.3	△
5 ヒシパルフェ	川田将雅	72.9	5	0.098	-0.206	0.140	0.209	0.77	0.86	47.6	☆
6 エイシンフェアリー	鮫島克駿	40.0	6	0.362	-0.052	0.000	0.036	0.88	0.98	50.4	注
7 タガノアスワド	横山和生	74.9	7	0.146	-0.044	0.347	0.022	1.34	1.98	68.3
8 キタノヴィクトリー	北村友一	80.9	8	0.224	-0.143	0.522	0.357	0.10	1.88	66.0
9 ガロアクリーク	和田竜二	11.4	9	0.247	-0.130	0.042	0.160	1.24	0.63	54.0
10 オーロラフラッシュ	幸英明	39.4	10	0.114	-0.141	0.470	0.195	1.12	0.35	41.4
11 サンライズシャトル	斎藤新	59.2	11	0.025	-0.203	0.481	0.432	1.04	0.82	69.9
12 メイショウハヤテ	武豊	42.1	12	0.383	-0.263	0.327	0.432	1.38	0.44	56.4
13 コスモフェリーチェ	西村淳也	45.4	13	0.379	-0.126	0.104	0.072	1.36	0.42	46.8
14 ジョウショーレーヴ	菱田裕二	34.6	14	0.032	-0.184	0.219	0.099	1.08	0.35	69.4
7R
1 ブルーエクセル	武豊	78.7	1	0.104	-0.252	0.457	0.019	0.30	1.06	67.7	◎	◎
2 シゲルアカダマ	西村淳也	39.6	2	0.273	-0.101	0.049	0.319	1.03	0.87	64.4	○
3 アドマイヤルビー	菱田裕二	33.7	3	0.381	-0.188	0.534	0.025	0.74	1.14	44.4	▲
4 ヒシパルフェ	藤岡佑介	67.9	4	0.344	-0.197	0.032	0.087	1.50	1.16	67.9	△
5 エイシンフェアリー	松山弘平	48.5	5	0.330	-0.164	0.505	0.104	0.66	0.35	44.3	☆
6 タガノアスワド	団野大成	3.1	6	0.003	-0.014	0.427	0.377	0.51	1.86	65.0	注
7 キタノヴィクトリー	岩田望来	36.4	7	0.035	-0.197	0.451	0.303	0.97	1.41	67.0
8 ガロアクリーク	吉田隼人	18.9	8	0.283	-0.116	0.472	0.092	0.72	1.54	56.3
9 オーロラフラッシュ	丹内祐次	49.6	9	0.233	-0.063	0.098	0.322	0.89	1.17	51.1
10 サンライズシャトル	川田将雅	10.7	10	0.112	-0.053	0.114	0.335	0.72	0.47	45.0
11 メイショウハヤテ	鮫島克駿	57.5	11	0.266	-0.057	0.150	0.450	0.23	1.10	50.6
12 コスモフェリーチェ	横山和生	39.8	12	0.004	-0.133	0.346	0.026	0.88	1.74	42.8
13 ジョウショーレーヴ	北村友一	17.7	13	0.308	-0.164	0.422	0.347	1.25	1.01	41.9
8R
1 シゲルアカダマ	横山和生	30.9	1	0.012	-0.087	0.339	0.345	1.19	1.69	67.1	◎	◎
2 アドマイヤルビー	北村友一	80.3	2	0.249	-0.026	0.173	0.156	0.99	0.23	50.0	○
3 ヒシパルフェ	和田竜二	3.9	3	0.355	-0.031	0.374	0.008	0.06	1.71	67.6	▲
4 エイシンフェアリー	幸英明	45.8	4	0.054	-0.005	0.040	0.444	1.09	1.99	55.9	△
5 タガノアスワド	斎藤新	37.9	5	0.301	-0.141	0.377	0.379	0.20	1.32	52.8	☆
6 キタノヴィクトリー	武豊	76.1	6	0.387	-0.054	0.171	0.484	0.64	1.21	42.3	注
7 ガロアクリーク	西村淳也	48.8	7	0.126	-0.213	0.051	0.414	0.43	0.66	56.8
8 オーロラフラッシュ	菱田裕二	19.2	8	0.294	-0.279	0.559	0.361	0.53	1.67	61.2
9 サンライズシャトル	藤岡佑介	20.9	9	0.138	-0.032	0.012	0.441	0.50	0.20	65.8
10 メイショウハヤテ	松山弘平	66.6	10	0.361	-0.210	0.574	0.421	1.22	0.36	50.0
11 コスモフェリーチェ	団野大成	50.9	11	0.361	-0.238	0.319	0.268	0.96	1.94	55.1
12 ジョウショーレーヴ	岩田望来	24.9	12	0.141	-0.065	0.098	0.046	0.14	1.34	58.3
9R
1 アドマイヤルビー	岩田望来	46.0	1	0.092	-0.095	0.008	0.131	0.95	1.77	45.4	◎	◎
2 ヒシパルフェ	吉田隼人	79.6	2	0.235	-0.120	0.456	0.269	0.51	0.81	44.6	○
3 エイシンフェアリー	丹内祐次	34.8	3	0.129	-0.254	0.028	0.466	0.06	1.29	59.6	▲
4 タガノアスワド	川田将雅	13.4	4	0.253	-0.269	0.353	0.211	0.13	1.55	53.0	△
5 キタノヴィクトリー	鮫島克駿	52.0	5	0.050	-0.024	0.571	0.028	1.17	0.93	69.6	☆
6 ガロアクリーク	横山和生	77.3	6	0.235	-0.099	0.002	0.368	0.76	0.73	49.8	注
7 オーロラフラッシュ	北村友一	75.7	7	0.177	-0.232	0.009	0.329	0.75	0.36	52.8
8 サンライズシャトル	和田竜二	74.7	8	0.339	-0.050	0.264	0.214	0.44	0.98	50.2
9 メイショウハヤテ	幸英明	19.1	9	0.194	-0.299	0.221	0.418	1.23	0.31	68.9
10 コスモフェリーチェ	斎藤新	19.5	10	0.397	-0.084	0.376	0.150	0.31	0.88	54.9
11 ジョウショーレーヴ	武豊	14.5	11	0.036	-0.298	0.335	0.492	0.32	1.63	56.3
12 ロードエクレール	西村淳也	46.8	12	0.137	-0.055	0.285	0.282	0.48	0.70	66.9
13 スマートリアン	菱田裕二	31.4	13	0.247	-0.225	0.454	0.342	0.82	1.77	69.2
14 テイエムグロリア	藤岡佑介	58.1	14	0.073	-0.269	0.384	0.029	1.31	1.53	68.0
15 ブルーエクセル	松山弘平	27.1	15	0.199	-0.066	0.392	0.128	0.51	0.58	53.7
16 シゲルアカダマ	団野大成	58.1	16	0.259	-0.155	0.443	0.071	1.28	1.70	45.7
10R
1 ヒシパルフェ	西村淳也	71.9	1	0.184	-0.062	0.010	0.493	0.91	1.36	65.2	◎	◎
2 エイシンフェアリー	菱田裕二	66.7	2	0.113	-0.133	0.145	0.123	0.32	0.61	69.5	○
3 タガノアスワド	藤岡佑介	46.3	3	0.168	-0.274	0.544	0.003	0.68	1.33	54.4	▲
4 キタノヴィクトリー	松山弘平	2.9	4	0.103	-0.077	0.014	0.049	1.13	1.78	58.0	△
5 ガロアクリーク	団野大成	32.2	5	0.012	-0.056	0.341	0.432	0.40	1.45	64.1	☆
6 オーロラフラッシュ	岩田望来	22.7	6	0.107	-0.082	0.355	0.306	1.02	1.33	45.3	注
7 サンライズシャトル	吉田隼人	37.5	7	0.363	-0.114	0.596	0.364	0.95	1.46	56.4
8 メイショウハヤテ	丹内祐次	30.3	8	0.030	-0.234	0.583	0.222	1.26	1.77	47.7
9 コスモフェリーチェ	川田将雅	13.8	9	0.208	-0.278	0.078	0.146	1.31	0.37	58.5
10 ジョウショーレーヴ	鮫島克駿	42.5	10	0.296	-0.273	0.156	0.105	0.89	1.07	40.3
11 ロードエクレール	横山和生	7.6	11	0.299	-0.167	0.468	0.161	0.40	0.24	60.1
12 スマートリアン	北村友一	46.5	12	0.206	-0.064	0.512	0.190	0.54	1.12	43.9
13 テイエムグロリア	和田竜二	44.5	13	0.037	-0.055	0.093	0.439	1.44	1.26	49.8
11R
1 エイシンフェアリー	北村友一	70.9	1	0.154	-0.256	0.198	0.414	1.32	1.53	51.4	◎	◎
2 タガノアスワド	和田竜二	67.3	2	0.234	-0.138	0.057	0.103	0.72	0.23	41.5	○
3 キタノヴィクトリー	幸英明	70.3	3	0.119	-0.159	0.009	0.032	0.09	0.72	64.8	▲
4 ガロアクリーク	斎藤新	6.7	4	0.127	-0.001	0.573	0.149	0.02	0.29	61.6	△
5 オーロラフラッシュ	武豊	22.9	5	0.024	-0.001	0.112	0.054	0.84	0.38	61.3	☆
6 サンライズシャトル	西村淳也	66.4	6	0.275	-0.085	0.102	0.050	0.36	0.11	65.4	注
7 メイショウハヤテ	菱田裕二	1.8	7	0.352	-0.101	0.592	0.032	1.49	1.21	40.7
8 コスモフェリーチェ	藤岡佑介	20.0	8	0.111	-0.053	0.280	0.209	1.41	0.23	53.4
9 ジョウショーレーヴ	松山弘平	59.5	9	0.238	-0.233	0.572	0.162	1.24	0.08	61.5
10 ロードエクレール	団野大成	2.9	10	0.162	-0.057	0.455	0.230	0.24	0.94	58.7
11 スマートリアン	岩田望来	5.2	11	0.227	-0.094	0.158	0.234	1.42	0.45	57.7
12 テイエムグロリア	吉田隼人	76.3	12	0.142	-0.104	0.421	0.033	0.24	1.32	63.2
12R
阪神
